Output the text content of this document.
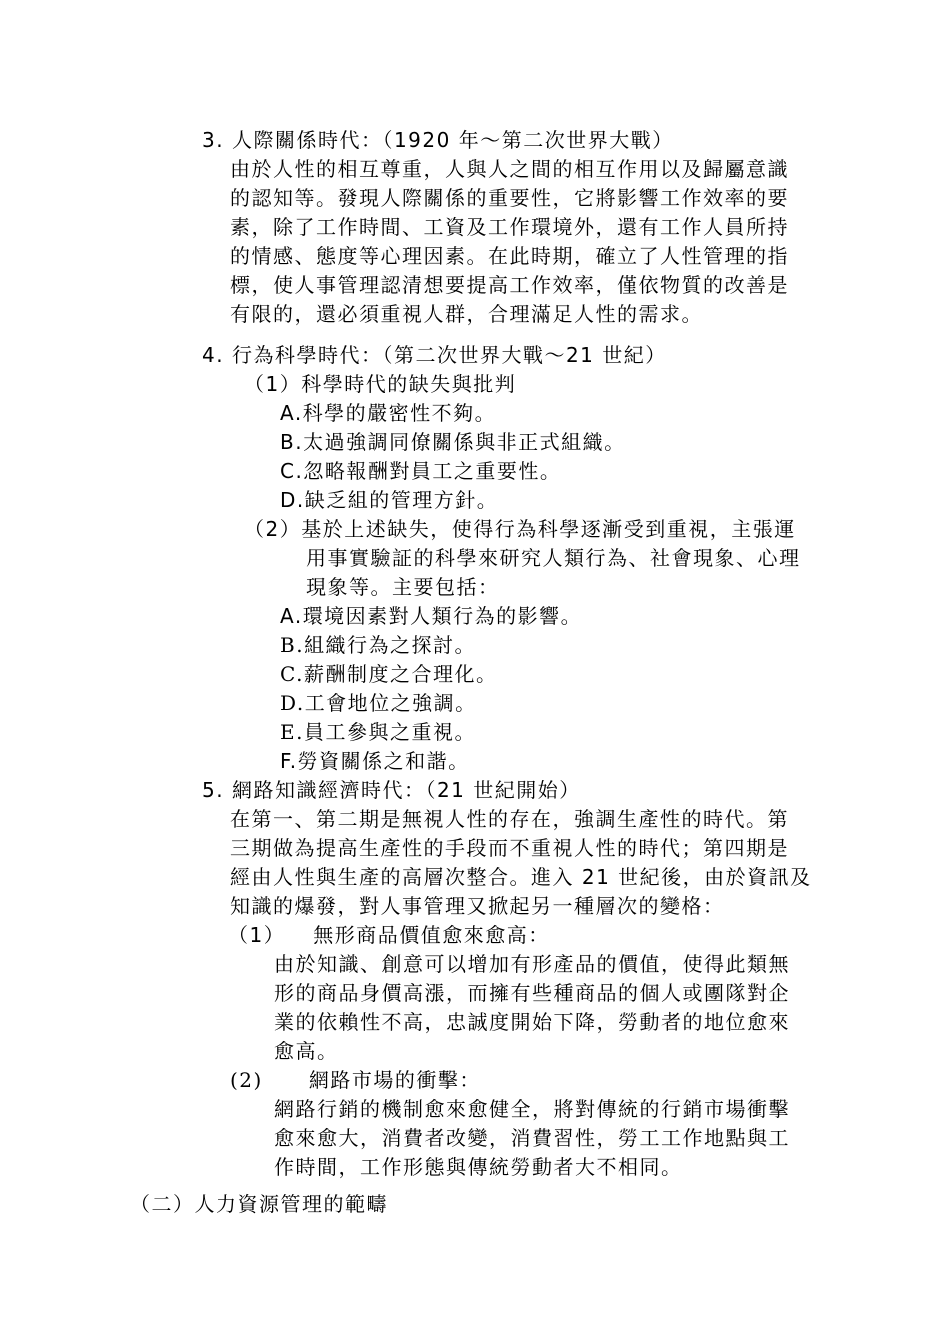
3. 人際關係時代：（1920 年～第二次世界大戰）
由於人性的相互尊重，人與人之間的相互作用以及歸屬意識
的認知等。發現人際關係的重要性，它將影響工作效率的要
素，除了工作時間、工資及工作環境外，還有工作人員所持
的情感、態度等心理因素。在此時期，確立了人性管理的指
標，使人事管理認清想要提高工作效率，僅依物質的改善是
有限的，還必須重視人群，合理滿足人性的需求。
4. 行為科學時代：（第二次世界大戰～21 世紀）
（1）科學時代的缺失與批判
A.科學的嚴密性不夠。
B.太過強調同僚關係與非正式組織。
C.忽略報酬對員工之重要性。
D.缺乏組的管理方針。
（2）基於上述缺失，使得行為科學逐漸受到重視，主張運
用事實驗証的科學來研究人類行為、社會現象、心理
現象等。主要包括：
A.環境因素對人類行為的影響。
B.組織行為之探討。
C.薪酬制度之合理化。
D.工會地位之強調。
E.員工參與之重視。
F.勞資關係之和諧。
5. 網路知識經濟時代：（21 世紀開始）
在第一、第二期是無視人性的存在，強調生產性的時代。第
三期做為提高生產性的手段而不重視人性的時代；第四期是
經由人性與生產的高層次整合。進入 21 世紀後，由於資訊及
知識的爆發，對人事管理又掀起另一種層次的變格：
（1） 無形商品價值愈來愈高：
由於知識、創意可以增加有形產品的價值，使得此類無
形的商品身價高漲，而擁有些種商品的個人或團隊對企
業的依賴性不高，忠誠度開始下降，勞動者的地位愈來
愈高。
(2) 網路市場的衝擊：
網路行銷的機制愈來愈健全，將對傳統的行銷市場衝擊
愈來愈大，消費者改變，消費習性，勞工工作地點與工
作時間，工作形態與傳統勞動者大不相同。
（二）人力資源管理的範疇
